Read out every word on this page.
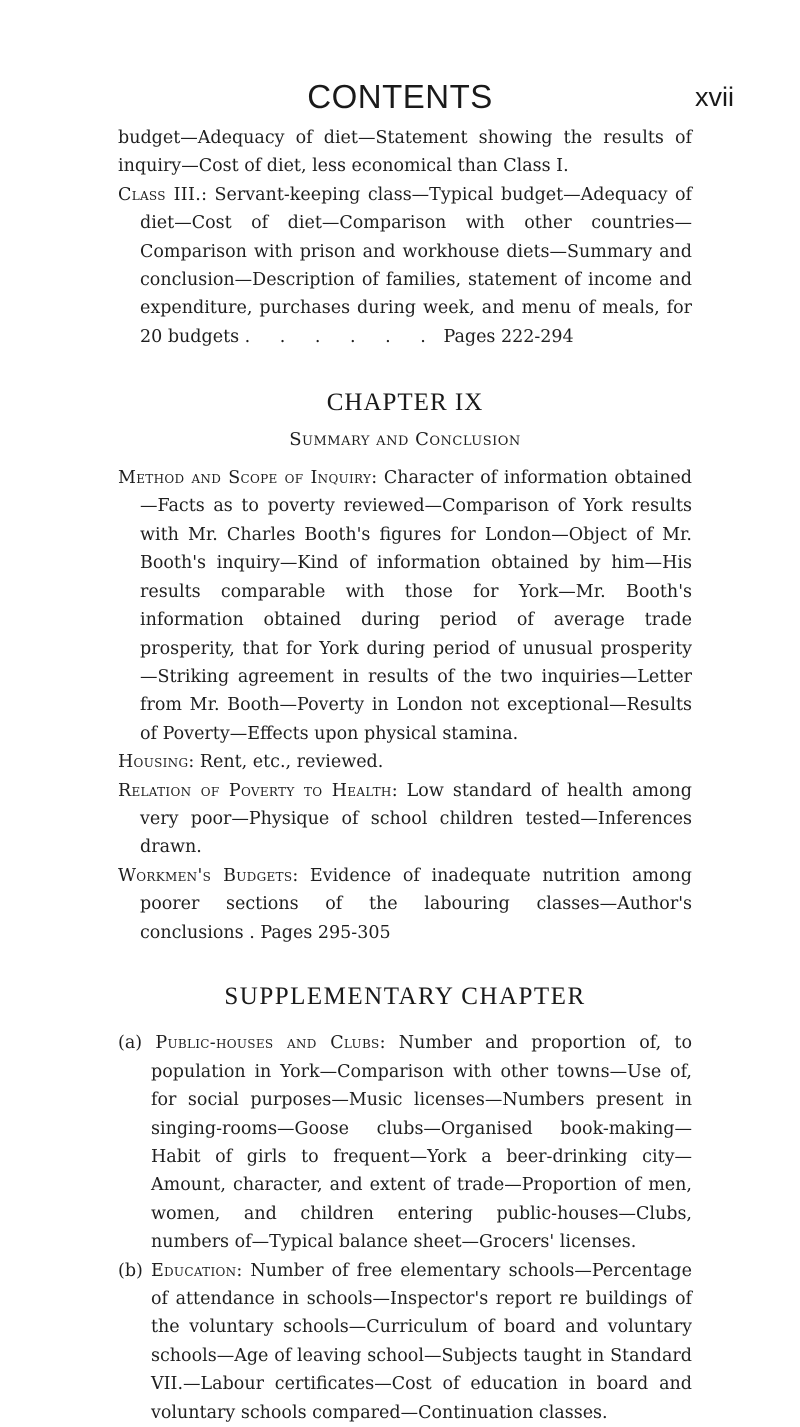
CONTENTS	xvii

budget—Adequacy of diet—Statement showing the results of inquiry—Cost of diet, less economical than Class I.

Class III.: Servant-keeping class—Typical budget—Adequacy of diet—Cost of diet—Comparison with other countries—Comparison with prison and workhouse diets—Summary and conclusion—Description of families, statement of income and expenditure, purchases during week, and menu of meals, for 20 budgets . . . . . . Pages 222-294

CHAPTER IX
Summary and Conclusion

Method and Scope of Inquiry: Character of information obtained—Facts as to poverty reviewed—Comparison of York results with Mr. Charles Booth's figures for London—Object of Mr. Booth's inquiry—Kind of information obtained by him—His results comparable with those for York—Mr. Booth's information obtained during period of average trade prosperity, that for York during period of unusual prosperity—Striking agreement in results of the two inquiries—Letter from Mr. Booth—Poverty in London not exceptional—Results of Poverty—Effects upon physical stamina.

Housing: Rent, etc., reviewed.

Relation of Poverty to Health: Low standard of health among very poor—Physique of school children tested—Inferences drawn.

Workmen's Budgets: Evidence of inadequate nutrition among poorer sections of the labouring classes—Author's conclusions . Pages 295-305

SUPPLEMENTARY CHAPTER

(a) Public-houses and Clubs: Number and proportion of, to population in York—Comparison with other towns—Use of, for social purposes—Music licenses—Numbers present in singing-rooms—Goose clubs—Organised book-making—Habit of girls to frequent—York a beer-drinking city—Amount, character, and extent of trade—Proportion of men, women, and children entering public-houses—Clubs, numbers of—Typical balance sheet—Grocers' licenses.

(b) Education: Number of free elementary schools—Percentage of attendance in schools—Inspector's report re buildings of the voluntary schools—Curriculum of board and voluntary schools—Age of leaving school—Subjects taught in Standard VII.—Labour certificates—Cost of education in board and voluntary schools compared—Continuation classes.
